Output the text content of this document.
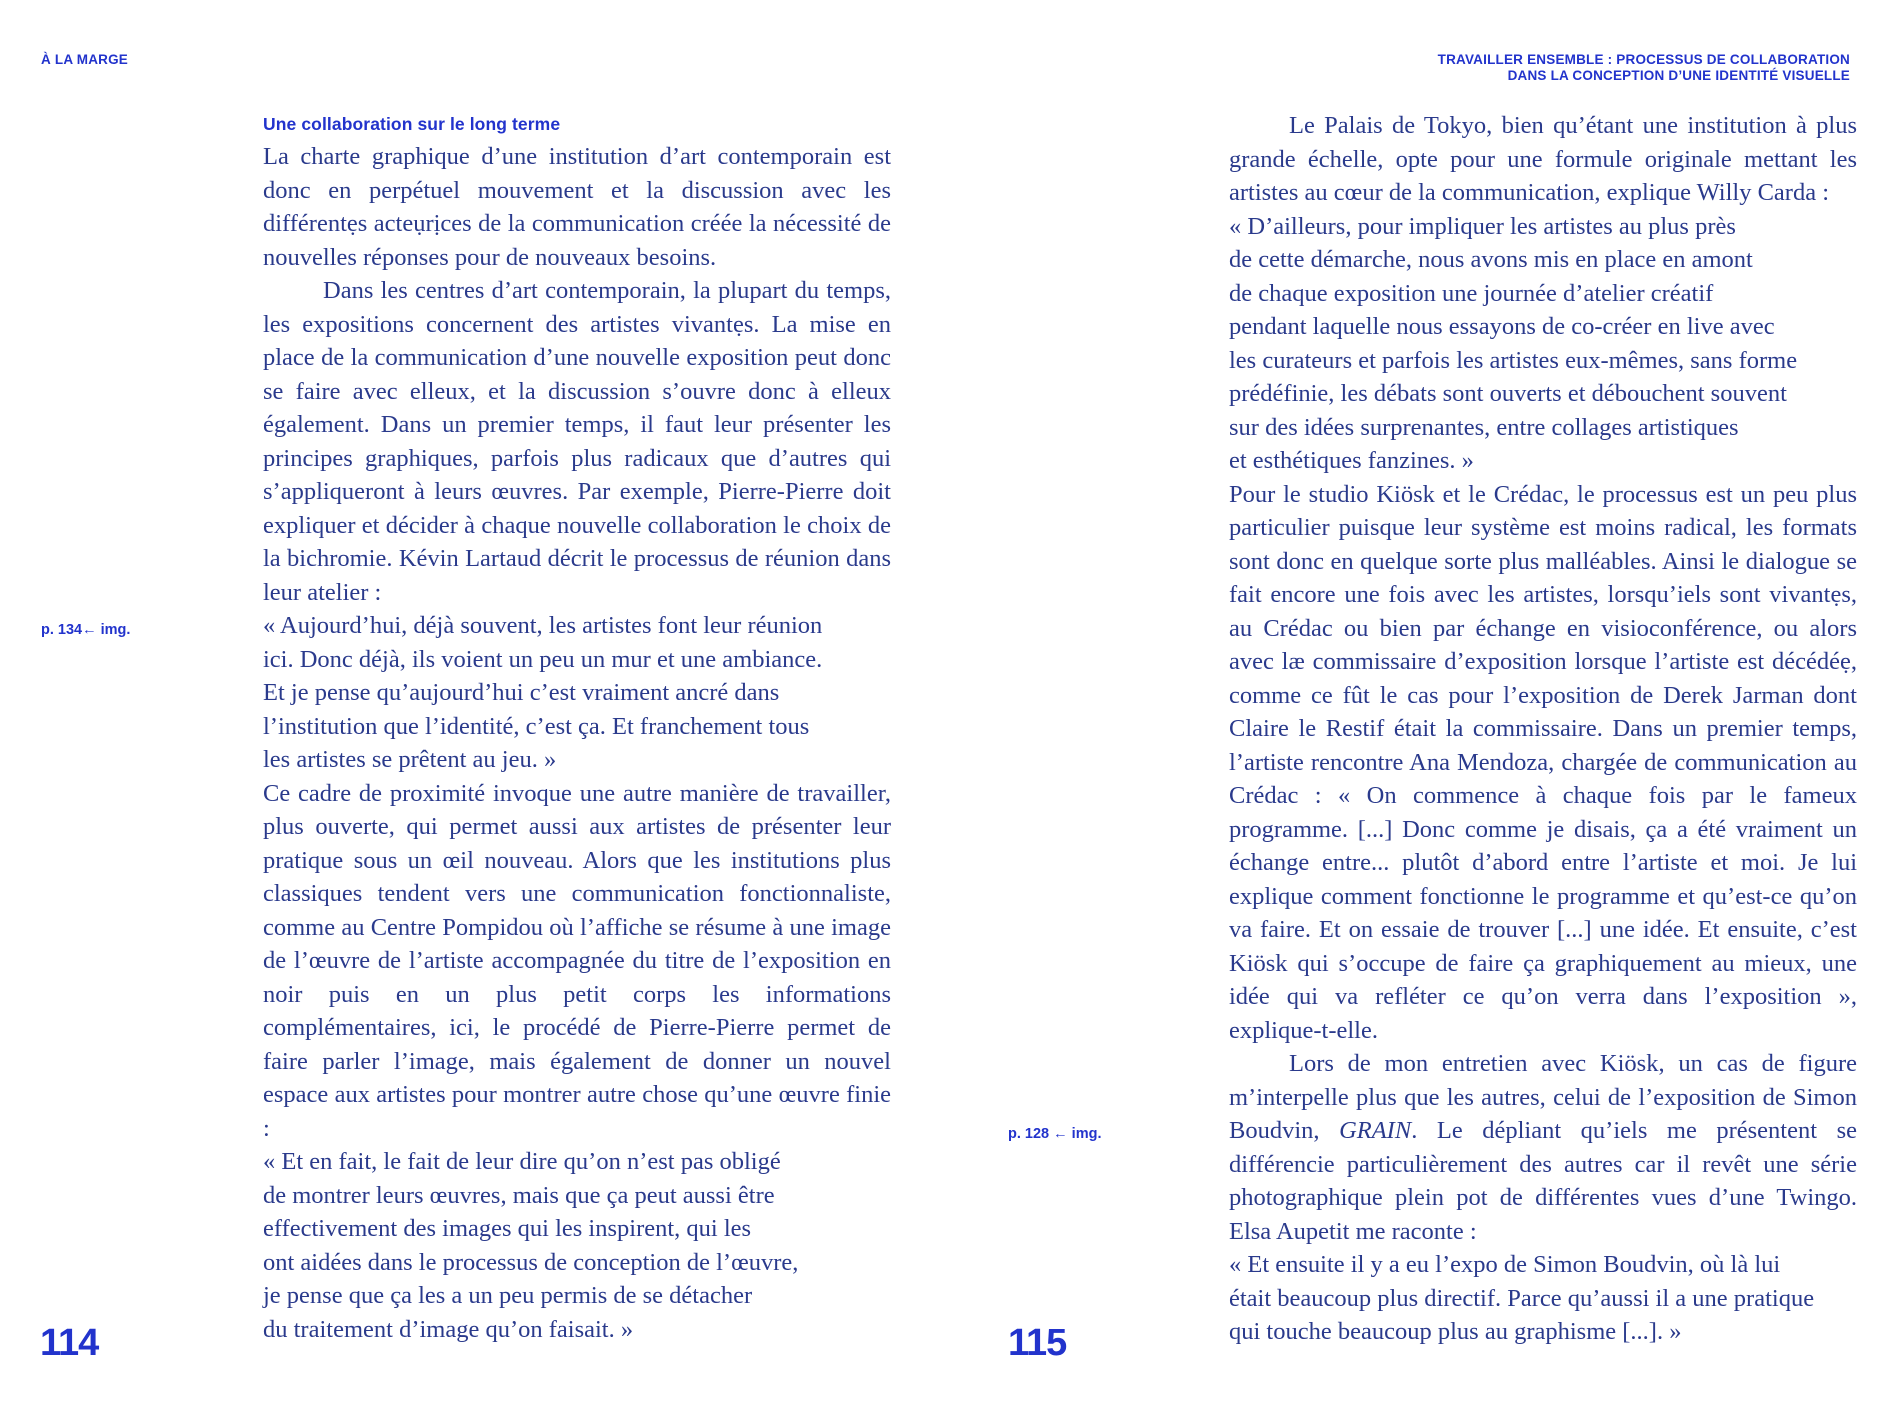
À LA MARGE
Une collaboration sur le long terme

La charte graphique d’une institution d’art contemporain est donc en perpétuel mouvement et la discussion avec les différentẹs acteụrịces de la communication créée la nécessité de nouvelles réponses pour de nouveaux besoins.

Dans les centres d’art contemporain, la plupart du temps, les expositions concernent des artistes vivantẹs. La mise en place de la communication d’une nouvelle exposition peut donc se faire avec elleux, et la discussion s’ouvre donc à elleux également. Dans un premier temps, il faut leur présenter les principes graphiques, parfois plus radicaux que d’autres qui s’appliqueront à leurs œuvres. Par exemple, Pierre-Pierre doit expliquer et décider à chaque nouvelle collaboration le choix de la bichromie. Kévin Lartaud décrit le processus de réunion dans leur atelier :

« Aujourd’hui, déjà souvent, les artistes font leur réunion
ici. Donc déjà, ils voient un peu un mur et une ambiance.
Et je pense qu’aujourd’hui c’est vraiment ancré dans
l’institution que l’identité, c’est ça. Et franchement tous
les artistes se prêtent au jeu. »

Ce cadre de proximité invoque une autre manière de travailler, plus ouverte, qui permet aussi aux artistes de présenter leur pratique sous un œil nouveau. Alors que les institutions plus classiques tendent vers une communication fonctionnaliste, comme au Centre Pompidou où l’affiche se résume à une image de l’œuvre de l’artiste accompagnée du titre de l’exposition en noir puis en un plus petit corps les informations complémentaires, ici, le procédé de Pierre-Pierre permet de faire parler l’image, mais également de donner un nouvel espace aux artistes pour montrer autre chose qu’une œuvre finie :

« Et en fait, le fait de leur dire qu’on n’est pas obligé
de montrer leurs œuvres, mais que ça peut aussi être
effectivement des images qui les inspirent, qui les
ont aidées dans le processus de conception de l’œuvre,
je pense que ça les a un peu permis de se détacher
du traitement d’image qu’on faisait. »

p. 134← img.
114
TRAVAILLER ENSEMBLE : PROCESSUS DE COLLABORATION
DANS LA CONCEPTION D’UNE IDENTITÉ VISUELLE

Le Palais de Tokyo, bien qu’étant une institution à plus grande échelle, opte pour une formule originale mettant les artistes au cœur de la communication, explique Willy Carda :

« D’ailleurs, pour impliquer les artistes au plus près
de cette démarche, nous avons mis en place en amont
de chaque exposition une journée d’atelier créatif
pendant laquelle nous essayons de co-créer en live avec
les curateurs et parfois les artistes eux-mêmes, sans forme
prédéfinie, les débats sont ouverts et débouchent souvent
sur des idées surprenantes, entre collages artistiques
et esthétiques fanzines. »

Pour le studio Kiösk et le Crédac, le processus est un peu plus particulier puisque leur système est moins radical, les formats sont donc en quelque sorte plus malléables. Ainsi le dialogue se fait encore une fois avec les artistes, lorsqu’iels sont vivantẹs, au Crédac ou bien par échange en visioconférence, ou alors avec læ commissaire d’exposition lorsque l’artiste est décédéẹ, comme ce fût le cas pour l’exposition de Derek Jarman dont Claire le Restif était la commissaire. Dans un premier temps, l’artiste rencontre Ana Mendoza, chargée de communication au Crédac : « On commence à chaque fois par le fameux programme. [...] Donc comme je disais, ça a été vraiment un échange entre... plutôt d’abord entre l’artiste et moi. Je lui explique comment fonctionne le programme et qu’est-ce qu’on va faire. Et on essaie de trouver [...] une idée. Et ensuite, c’est Kiösk qui s’occupe de faire ça graphiquement au mieux, une idée qui va refléter ce qu’on verra dans l’exposition », explique-t-elle.

Lors de mon entretien avec Kiösk, un cas de figure m’interpelle plus que les autres, celui de l’exposition de Simon Boudvin, GRAIN. Le dépliant qu’iels me présentent se différencie particulièrement des autres car il revêt une série photographique plein pot de différentes vues d’une Twingo. Elsa Aupetit me raconte :

« Et ensuite il y a eu l’expo de Simon Boudvin, où là lui
était beaucoup plus directif. Parce qu’aussi il a une pratique
qui touche beaucoup plus au graphisme [...]. »

p. 128 ← img.
115
